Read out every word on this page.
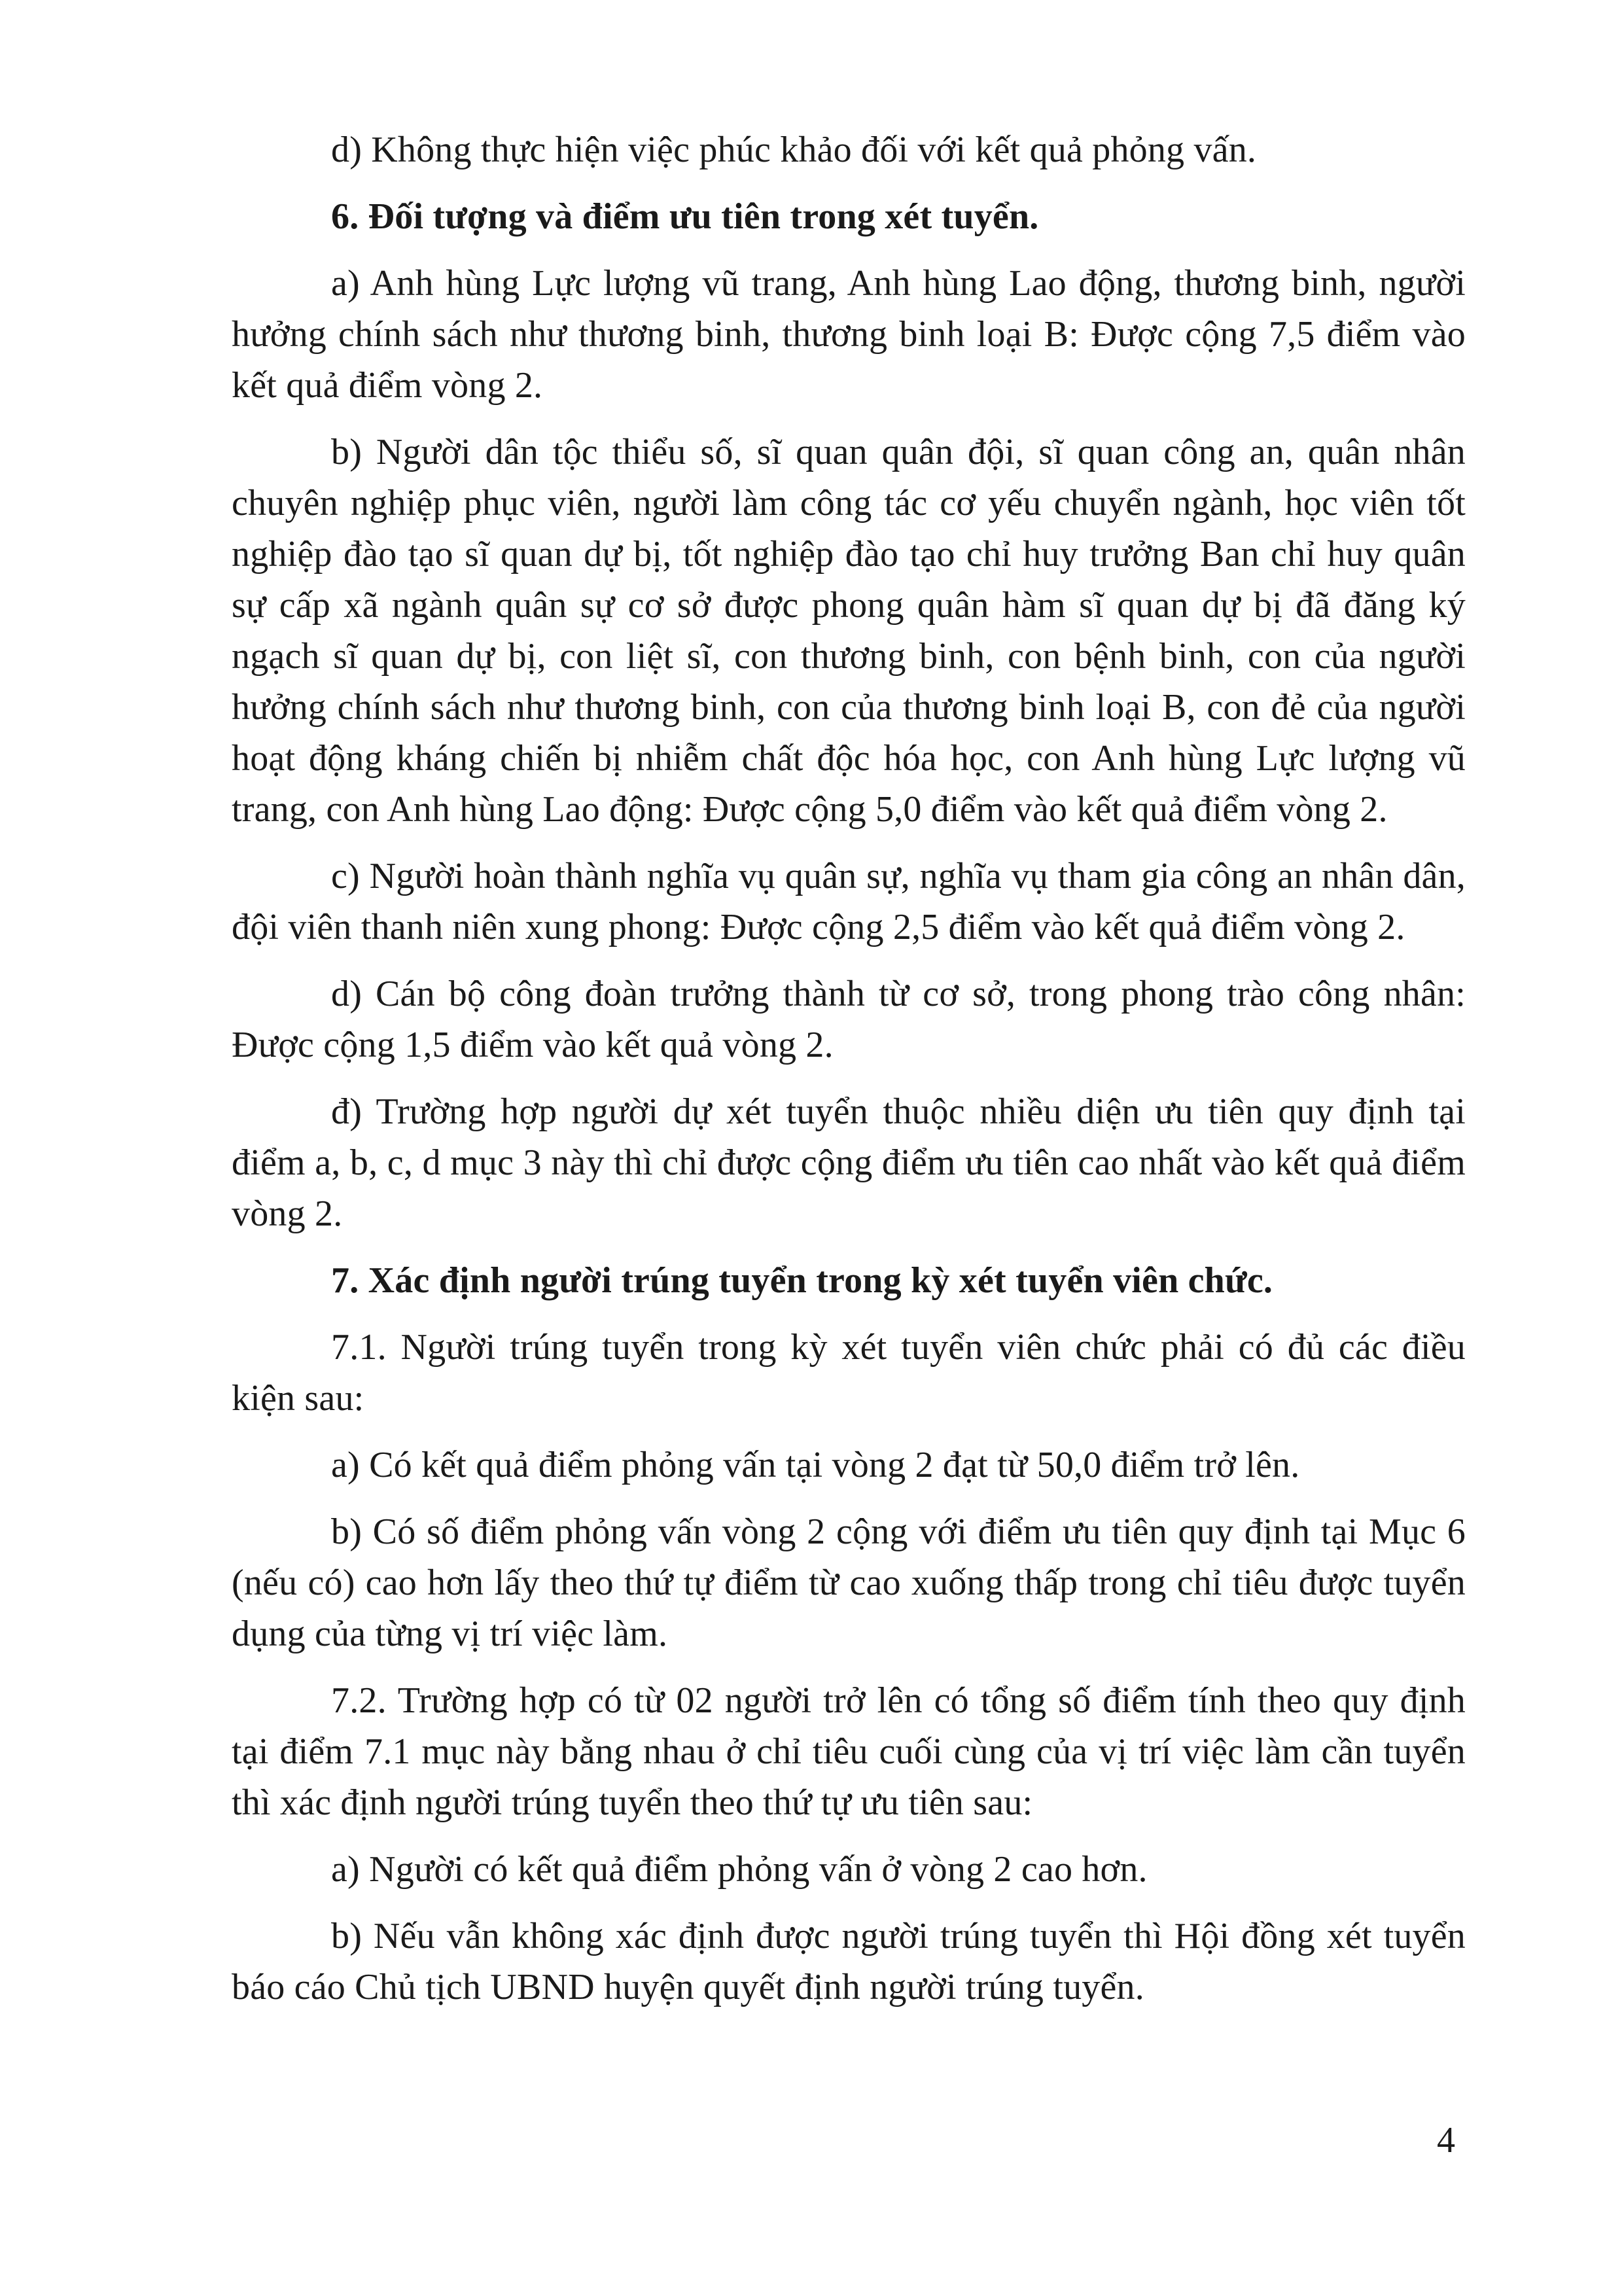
d) Không thực hiện việc phúc khảo đối với kết quả phỏng vấn.

6. Đối tượng và điểm ưu tiên trong xét tuyển.

a) Anh hùng Lực lượng vũ trang, Anh hùng Lao động, thương binh, người hưởng chính sách như thương binh, thương binh loại B: Được cộng 7,5 điểm vào kết quả điểm vòng 2.

b) Người dân tộc thiểu số, sĩ quan quân đội, sĩ quan công an, quân nhân chuyên nghiệp phục viên, người làm công tác cơ yếu chuyển ngành, học viên tốt nghiệp đào tạo sĩ quan dự bị, tốt nghiệp đào tạo chỉ huy trưởng Ban chỉ huy quân sự cấp xã ngành quân sự cơ sở được phong quân hàm sĩ quan dự bị đã đăng ký ngạch sĩ quan dự bị, con liệt sĩ, con thương binh, con bệnh binh, con của người hưởng chính sách như thương binh, con của thương binh loại B, con đẻ của người hoạt động kháng chiến bị nhiễm chất độc hóa học, con Anh hùng Lực lượng vũ trang, con Anh hùng Lao động: Được cộng 5,0 điểm vào kết quả điểm vòng 2.

c) Người hoàn thành nghĩa vụ quân sự, nghĩa vụ tham gia công an nhân dân, đội viên thanh niên xung phong: Được cộng 2,5 điểm vào kết quả điểm vòng 2.

d) Cán bộ công đoàn trưởng thành từ cơ sở, trong phong trào công nhân: Được cộng 1,5 điểm vào kết quả vòng 2.

đ) Trường hợp người dự xét tuyển thuộc nhiều diện ưu tiên quy định tại điểm a, b, c, d mục 3 này thì chỉ được cộng điểm ưu tiên cao nhất vào kết quả điểm vòng 2.

7. Xác định người trúng tuyển trong kỳ xét tuyển viên chức.

7.1. Người trúng tuyển trong kỳ xét tuyển viên chức phải có đủ các điều kiện sau:

a) Có kết quả điểm phỏng vấn tại vòng 2 đạt từ 50,0 điểm trở lên.

b) Có số điểm phỏng vấn vòng 2 cộng với điểm ưu tiên quy định tại Mục 6 (nếu có) cao hơn lấy theo thứ tự điểm từ cao xuống thấp trong chỉ tiêu được tuyển dụng của từng vị trí việc làm.

7.2. Trường hợp có từ 02 người trở lên có tổng số điểm tính theo quy định tại điểm 7.1 mục này bằng nhau ở chỉ tiêu cuối cùng của vị trí việc làm cần tuyển thì xác định người trúng tuyển theo thứ tự ưu tiên sau:

a) Người có kết quả điểm phỏng vấn ở vòng 2 cao hơn.

b) Nếu vẫn không xác định được người trúng tuyển thì Hội đồng xét tuyển báo cáo Chủ tịch UBND huyện quyết định người trúng tuyển.

4
